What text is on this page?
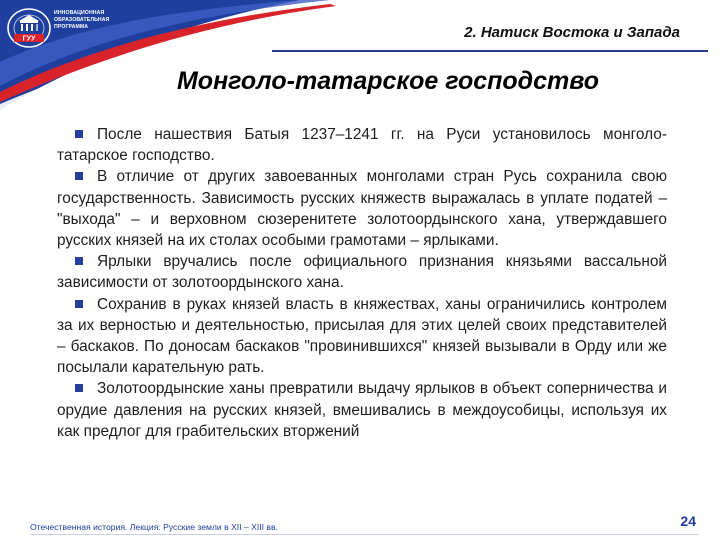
ГУУ
ИННОВАЦИОННАЯ
ОБРАЗОВАТЕЛЬНАЯ
ПРОГРАММА	2. Натиск Востока и Запада
Монголо-татарское господство

После нашествия Батыя 1237–1241 гг. на Руси установилось монголо-татарское господство.

В отличие от других завоеванных монголами стран Русь сохранила свою государственность. Зависимость русских княжеств выражалась в уплате податей – "выхода" – и верховном сюзеренитете золотоордынского хана, утверждавшего русских князей на их столах особыми грамотами – ярлыками.

Ярлыки вручались после официального признания князьями вассальной зависимости от золотоордынского хана.

Сохранив в руках князей власть в княжествах, ханы ограничились контролем за их верностью и деятельностью, присылая для этих целей своих представителей – баскаков. По доносам баскаков "провинившихся" князей вызывали в Орду или же посылали карательную рать.

Золотоордынские ханы превратили выдачу ярлыков в объект соперничества и орудие давления на русских князей, вмешивались в междоусобицы, используя их как предлог для грабительских вторжений

Отечественная история. Лекция: Русские земли в XII – XIII вв.	24
